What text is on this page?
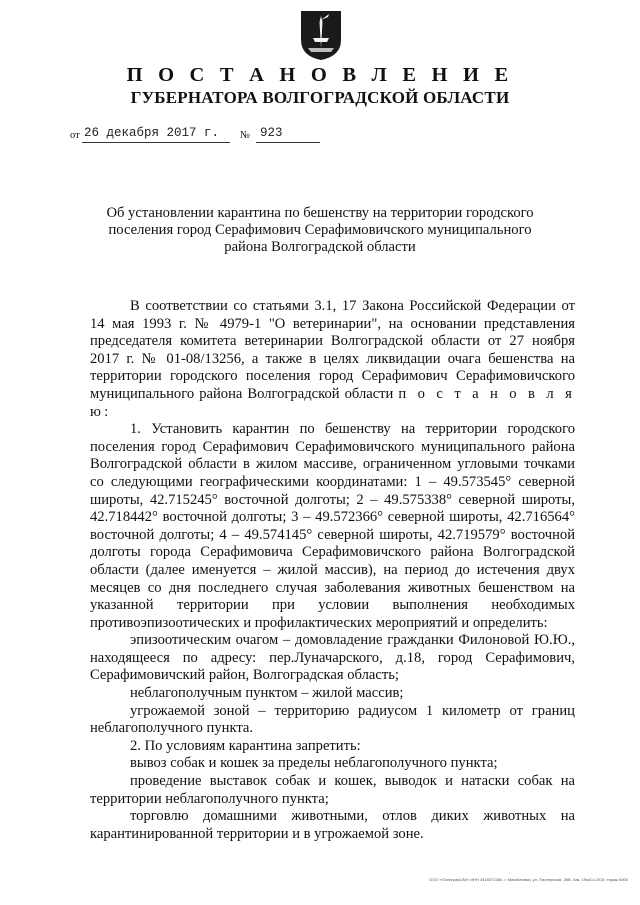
П О С Т А Н О В Л Е Н И Е
ГУБЕРНАТОРА ВОЛГОГРАДСКОЙ ОБЛАСТИ
от 26 декабря 2017 г. № 923
Об установлении карантина по бешенству на территории городского поселения город Серафимович Серафимовичского муниципального района Волгоградской области

В соответствии со статьями 3.1, 17 Закона Российской Федерации от 14 мая 1993 г. № 4979-1 "О ветеринарии", на основании представления председателя комитета ветеринарии Волгоградской области от 27 ноября 2017 г. № 01-08/13256, а также в целях ликвидации очага бешенства на территории городского поселения город Серафимович Серафимовичского муниципального района Волгоградской области п о с т а н о в л я ю:

1. Установить карантин по бешенству на территории городского поселения город Серафимович Серафимовичского муниципального района Волгоградской области в жилом массиве, ограниченном угловыми точками со следующими географическими координатами: 1 – 49.573545° северной широты, 42.715245° восточной долготы; 2 – 49.575338° северной широты, 42.718442° восточной долготы; 3 – 49.572366° северной широты, 42.716564° восточной долготы; 4 – 49.574145° северной широты, 42.719579° восточной долготы города Серафимовича Серафимовичского района Волгоградской области (далее именуется – жилой массив), на период до истечения двух месяцев со дня последнего случая заболевания животных бешенством на указанной территории при условии выполнения необходимых противоэпизоотических и профилактических мероприятий и определить:

эпизоотическим очагом – домовладение гражданки Филоновой Ю.Ю., находящееся по адресу: пер.Луначарского, д.18, город Серафимович, Серафимовичский район, Волгоградская область;

неблагополучным пунктом – жилой массив;

угрожаемой зоной – территорию радиусом 1 километр от границ неблагополучного пункта.

2. По условиям карантина запретить:

вывоз собак и кошек за пределы неблагополучного пункта;

проведение выставок собак и кошек, выводок и натаски собак на территории неблагополучного пункта;

торговлю домашними животными, отлов диких животных на карантинированной территории и в угрожаемой зоне.

ООО «Полиграф-ВЗ» ИНН 3415072360, г. Михайловка, ул. Пионерская, 26В. Зак. 19м/Сз 2015, тираж 5000
